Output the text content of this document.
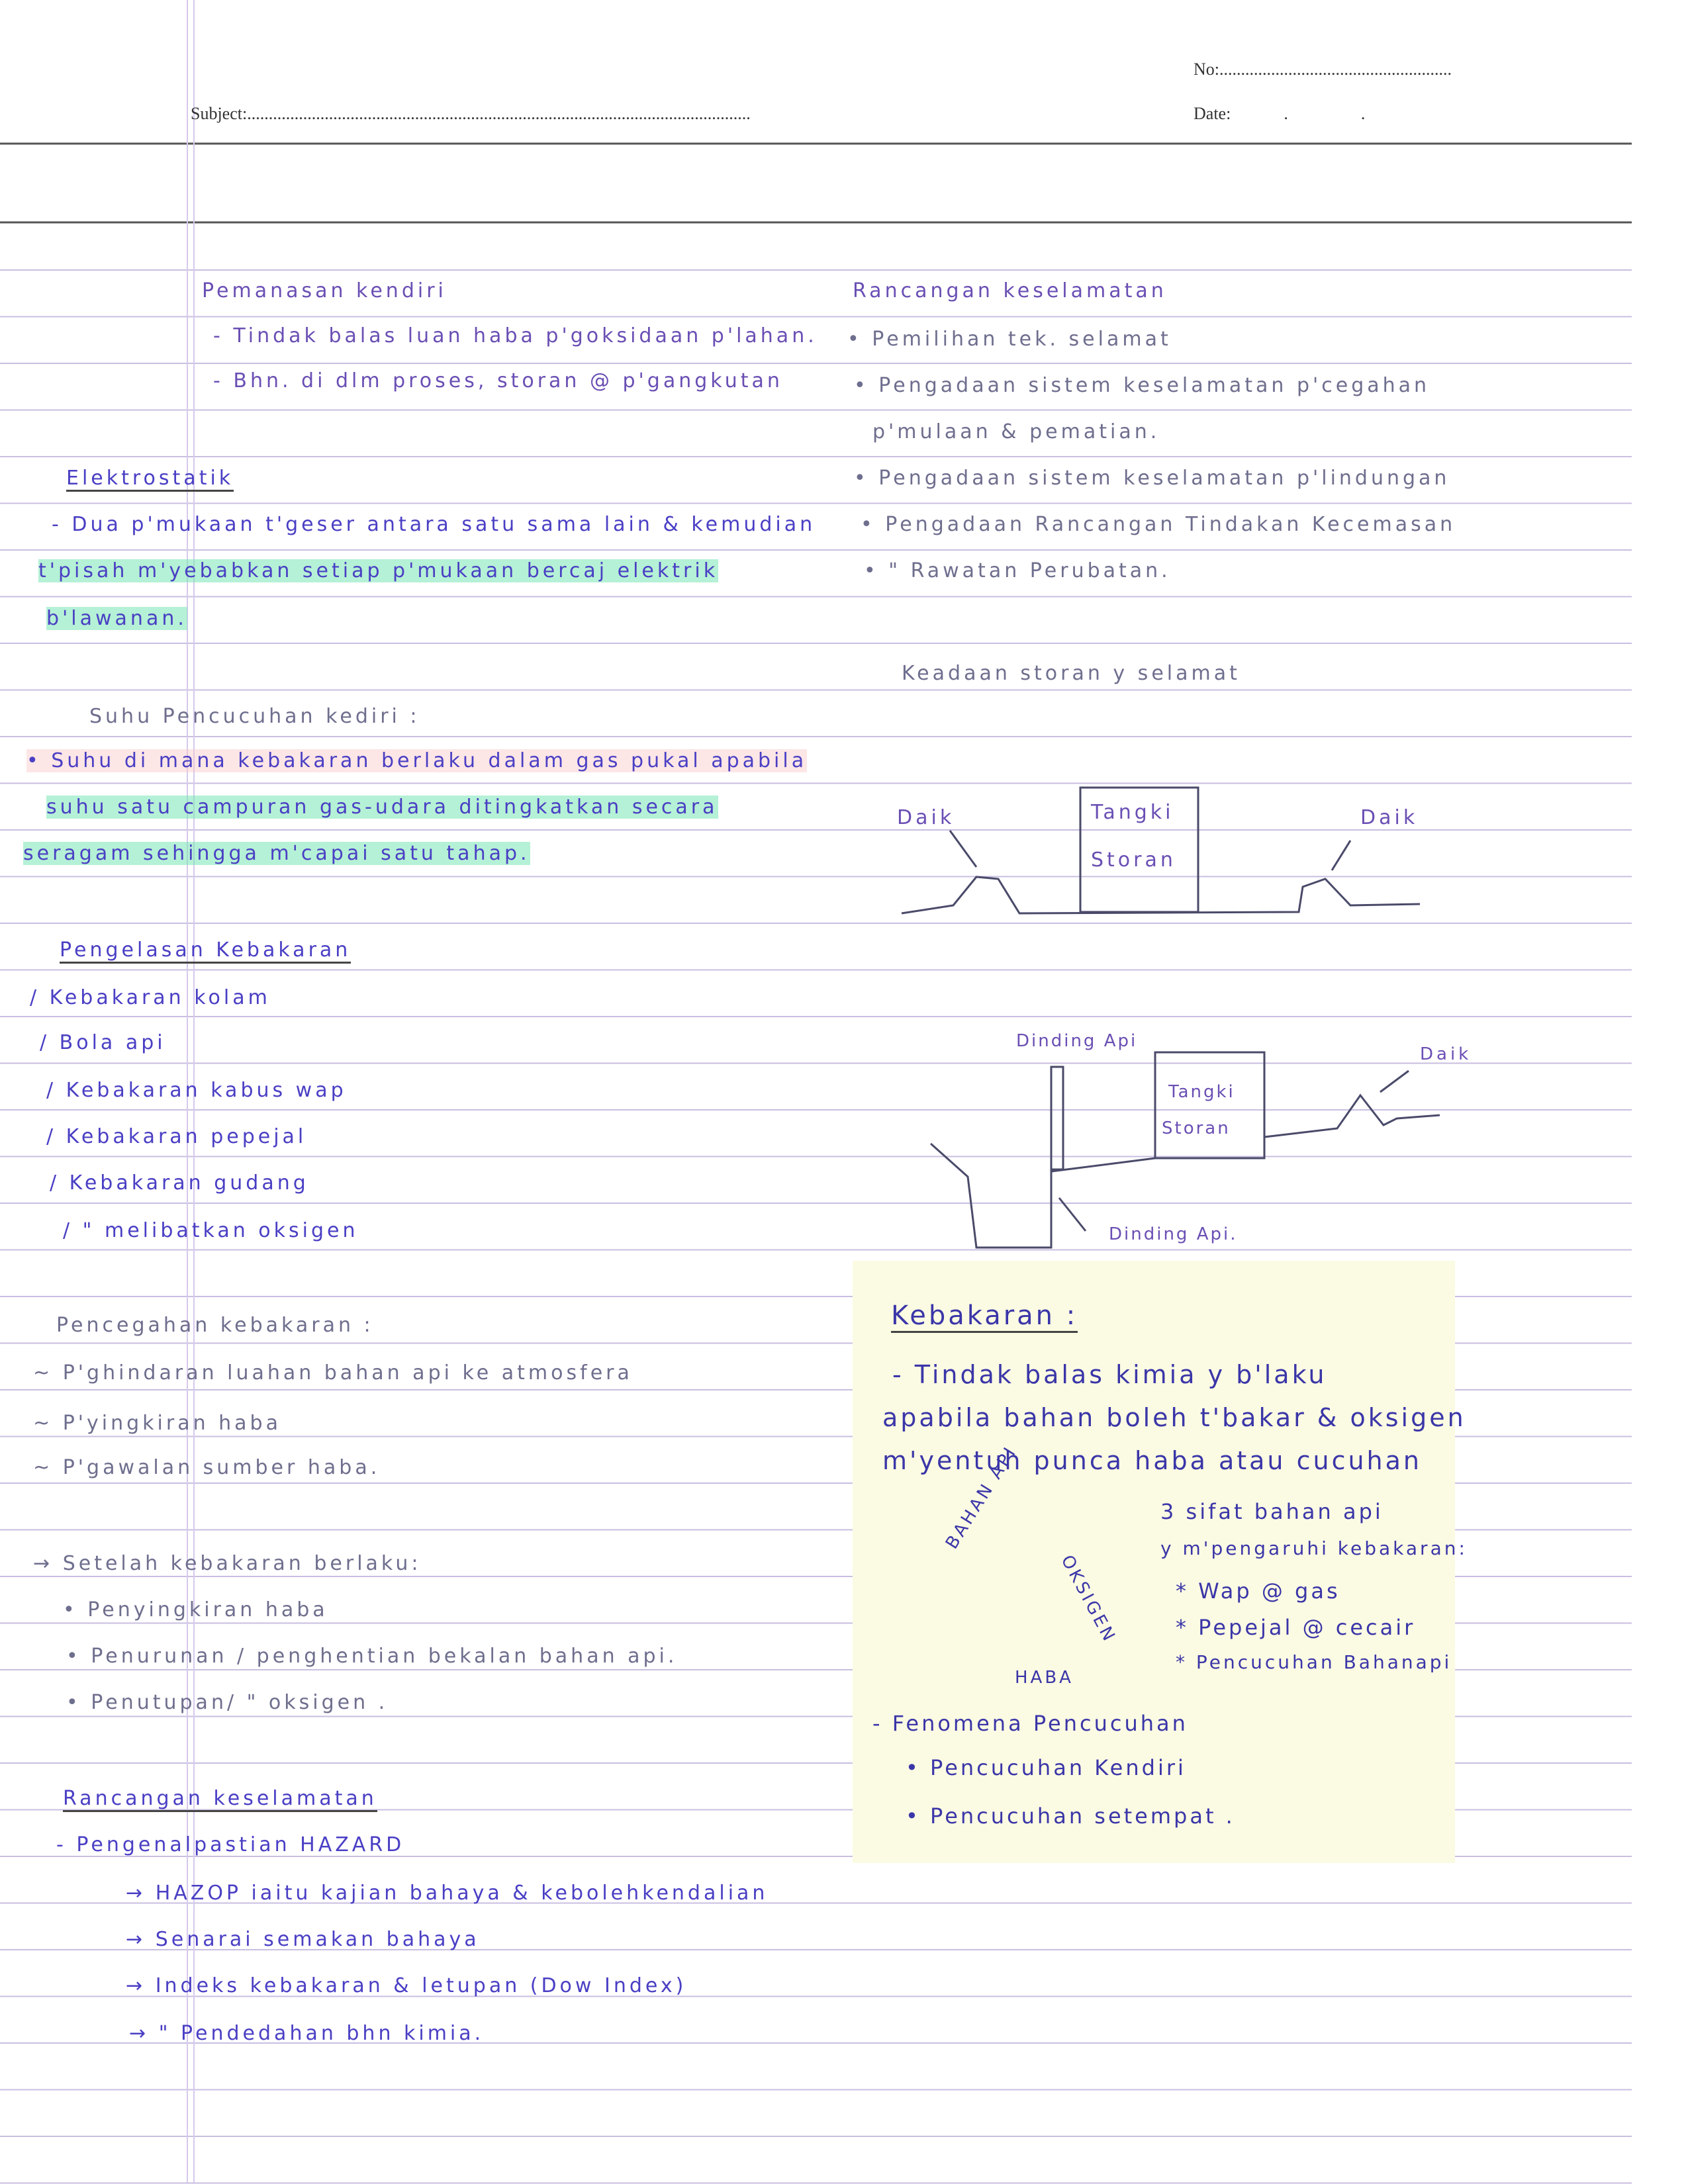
No:......................................................
Subject:.....................................................................................................................	Date:	.	.
Pemanasan kendiri
- Tindak balas luan haba p'goksidaan p'lahan.
- Bhn. di dlm proses, storan @ p'gangkutan
Elektrostatik
- Dua p'mukaan t'geser antara satu sama lain & kemudian
t'pisah m'yebabkan setiap p'mukaan bercaj elektrik
b'lawanan.
Suhu Pencucuhan kediri :
• Suhu di mana kebakaran berlaku dalam gas pukal apabila
suhu satu campuran gas-udara ditingkatkan secara
seragam sehingga m'capai satu tahap.
Pengelasan Kebakaran
/ Kebakaran kolam
/ Bola api
/ Kebakaran kabus wap
/ Kebakaran pepejal
/ Kebakaran gudang
/ " melibatkan oksigen
Pencegahan kebakaran :
~ P'ghindaran luahan bahan api ke atmosfera
~ P'yingkiran haba
~ P'gawalan sumber haba.
→ Setelah kebakaran berlaku:
• Penyingkiran haba
• Penurunan / penghentian bekalan bahan api.
• Penutupan/ " oksigen .
Rancangan keselamatan
- Pengenalpastian HAZARD
→ HAZOP iaitu kajian bahaya & kebolehkendalian
→ Senarai semakan bahaya
→ Indeks kebakaran & letupan (Dow Index)
→ " Pendedahan bhn kimia.
Rancangan keselamatan
• Pemilihan tek. selamat
• Pengadaan sistem keselamatan p'cegahan
p'mulaan & pematian.
• Pengadaan sistem keselamatan p'lindungan
• Pengadaan Rancangan Tindakan Kecemasan
• " Rawatan Perubatan.
Keadaan storan y selamat
Daik	Daik
Tangki
Storan
Dinding Api
Daik
Tangki
Storan
Dinding Api.
Kebakaran :
- Tindak balas kimia y b'laku
apabila bahan boleh t'bakar & oksigen
m'yentuh punca haba atau cucuhan
BAHAN API
OKSIGEN
HABA
3 sifat bahan api
y m'pengaruhi kebakaran:
* Wap @ gas
* Pepejal @ cecair
* Pencucuhan Bahanapi
- Fenomena Pencucuhan
• Pencucuhan Kendiri
• Pencucuhan setempat .
